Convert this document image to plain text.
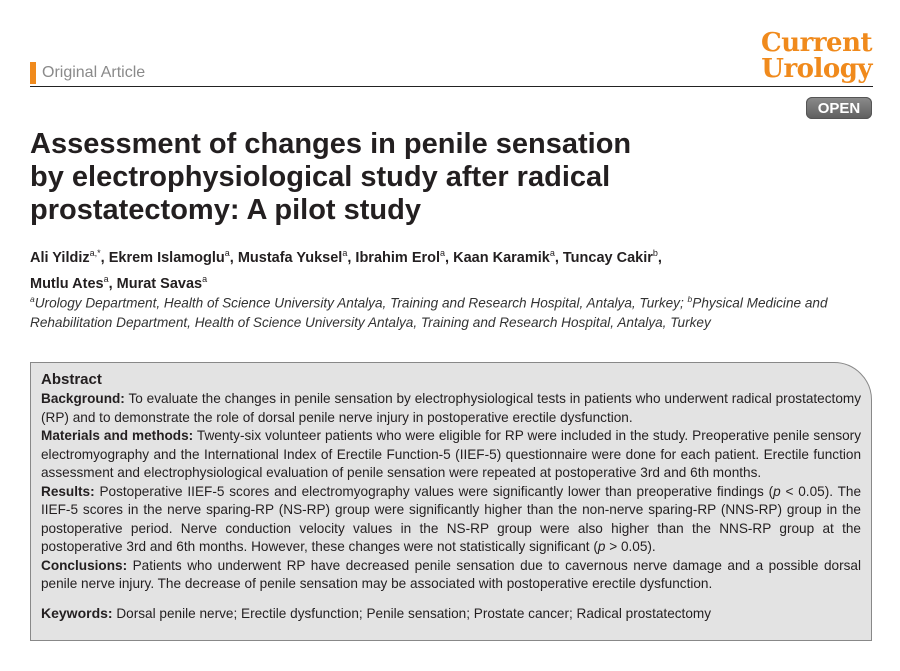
Original Article
Current
Urology
OPEN
Assessment of changes in penile sensation
by electrophysiological study after radical
prostatectomy: A pilot study
Ali Yildiz$^{a,*}$, Ekrem Islamoglu$^a$, Mustafa Yuksel$^a$, Ibrahim Erol$^a$, Kaan Karamik$^a$, Tuncay Cakir$^b$,
Mutlu Ates$^a$, Murat Savas$^a$
$^a$Urology Department, Health of Science University Antalya, Training and Research Hospital, Antalya, Turkey; $^b$Physical Medicine and Rehabilitation Department, Health of Science University Antalya, Training and Research Hospital, Antalya, Turkey
Abstract

Background: To evaluate the changes in penile sensation by electrophysiological tests in patients who underwent radical prostatectomy (RP) and to demonstrate the role of dorsal penile nerve injury in postoperative erectile dysfunction.

Materials and methods: Twenty-six volunteer patients who were eligible for RP were included in the study. Preoperative penile sensory electromyography and the International Index of Erectile Function-5 (IIEF-5) questionnaire were done for each patient. Erectile function assessment and electrophysiological evaluation of penile sensation were repeated at postoperative 3rd and 6th months.

Results: Postoperative IIEF-5 scores and electromyography values were significantly lower than preoperative findings (p < 0.05). The IIEF-5 scores in the nerve sparing-RP (NS-RP) group were significantly higher than the non-nerve sparing-RP (NNS-RP) group in the postoperative period. Nerve conduction velocity values in the NS-RP group were also higher than the NNS-RP group at the postoperative 3rd and 6th months. However, these changes were not statistically significant (p > 0.05).

Conclusions: Patients who underwent RP have decreased penile sensation due to cavernous nerve damage and a possible dorsal penile nerve injury. The decrease of penile sensation may be associated with postoperative erectile dysfunction.

Keywords: Dorsal penile nerve; Erectile dysfunction; Penile sensation; Prostate cancer; Radical prostatectomy
